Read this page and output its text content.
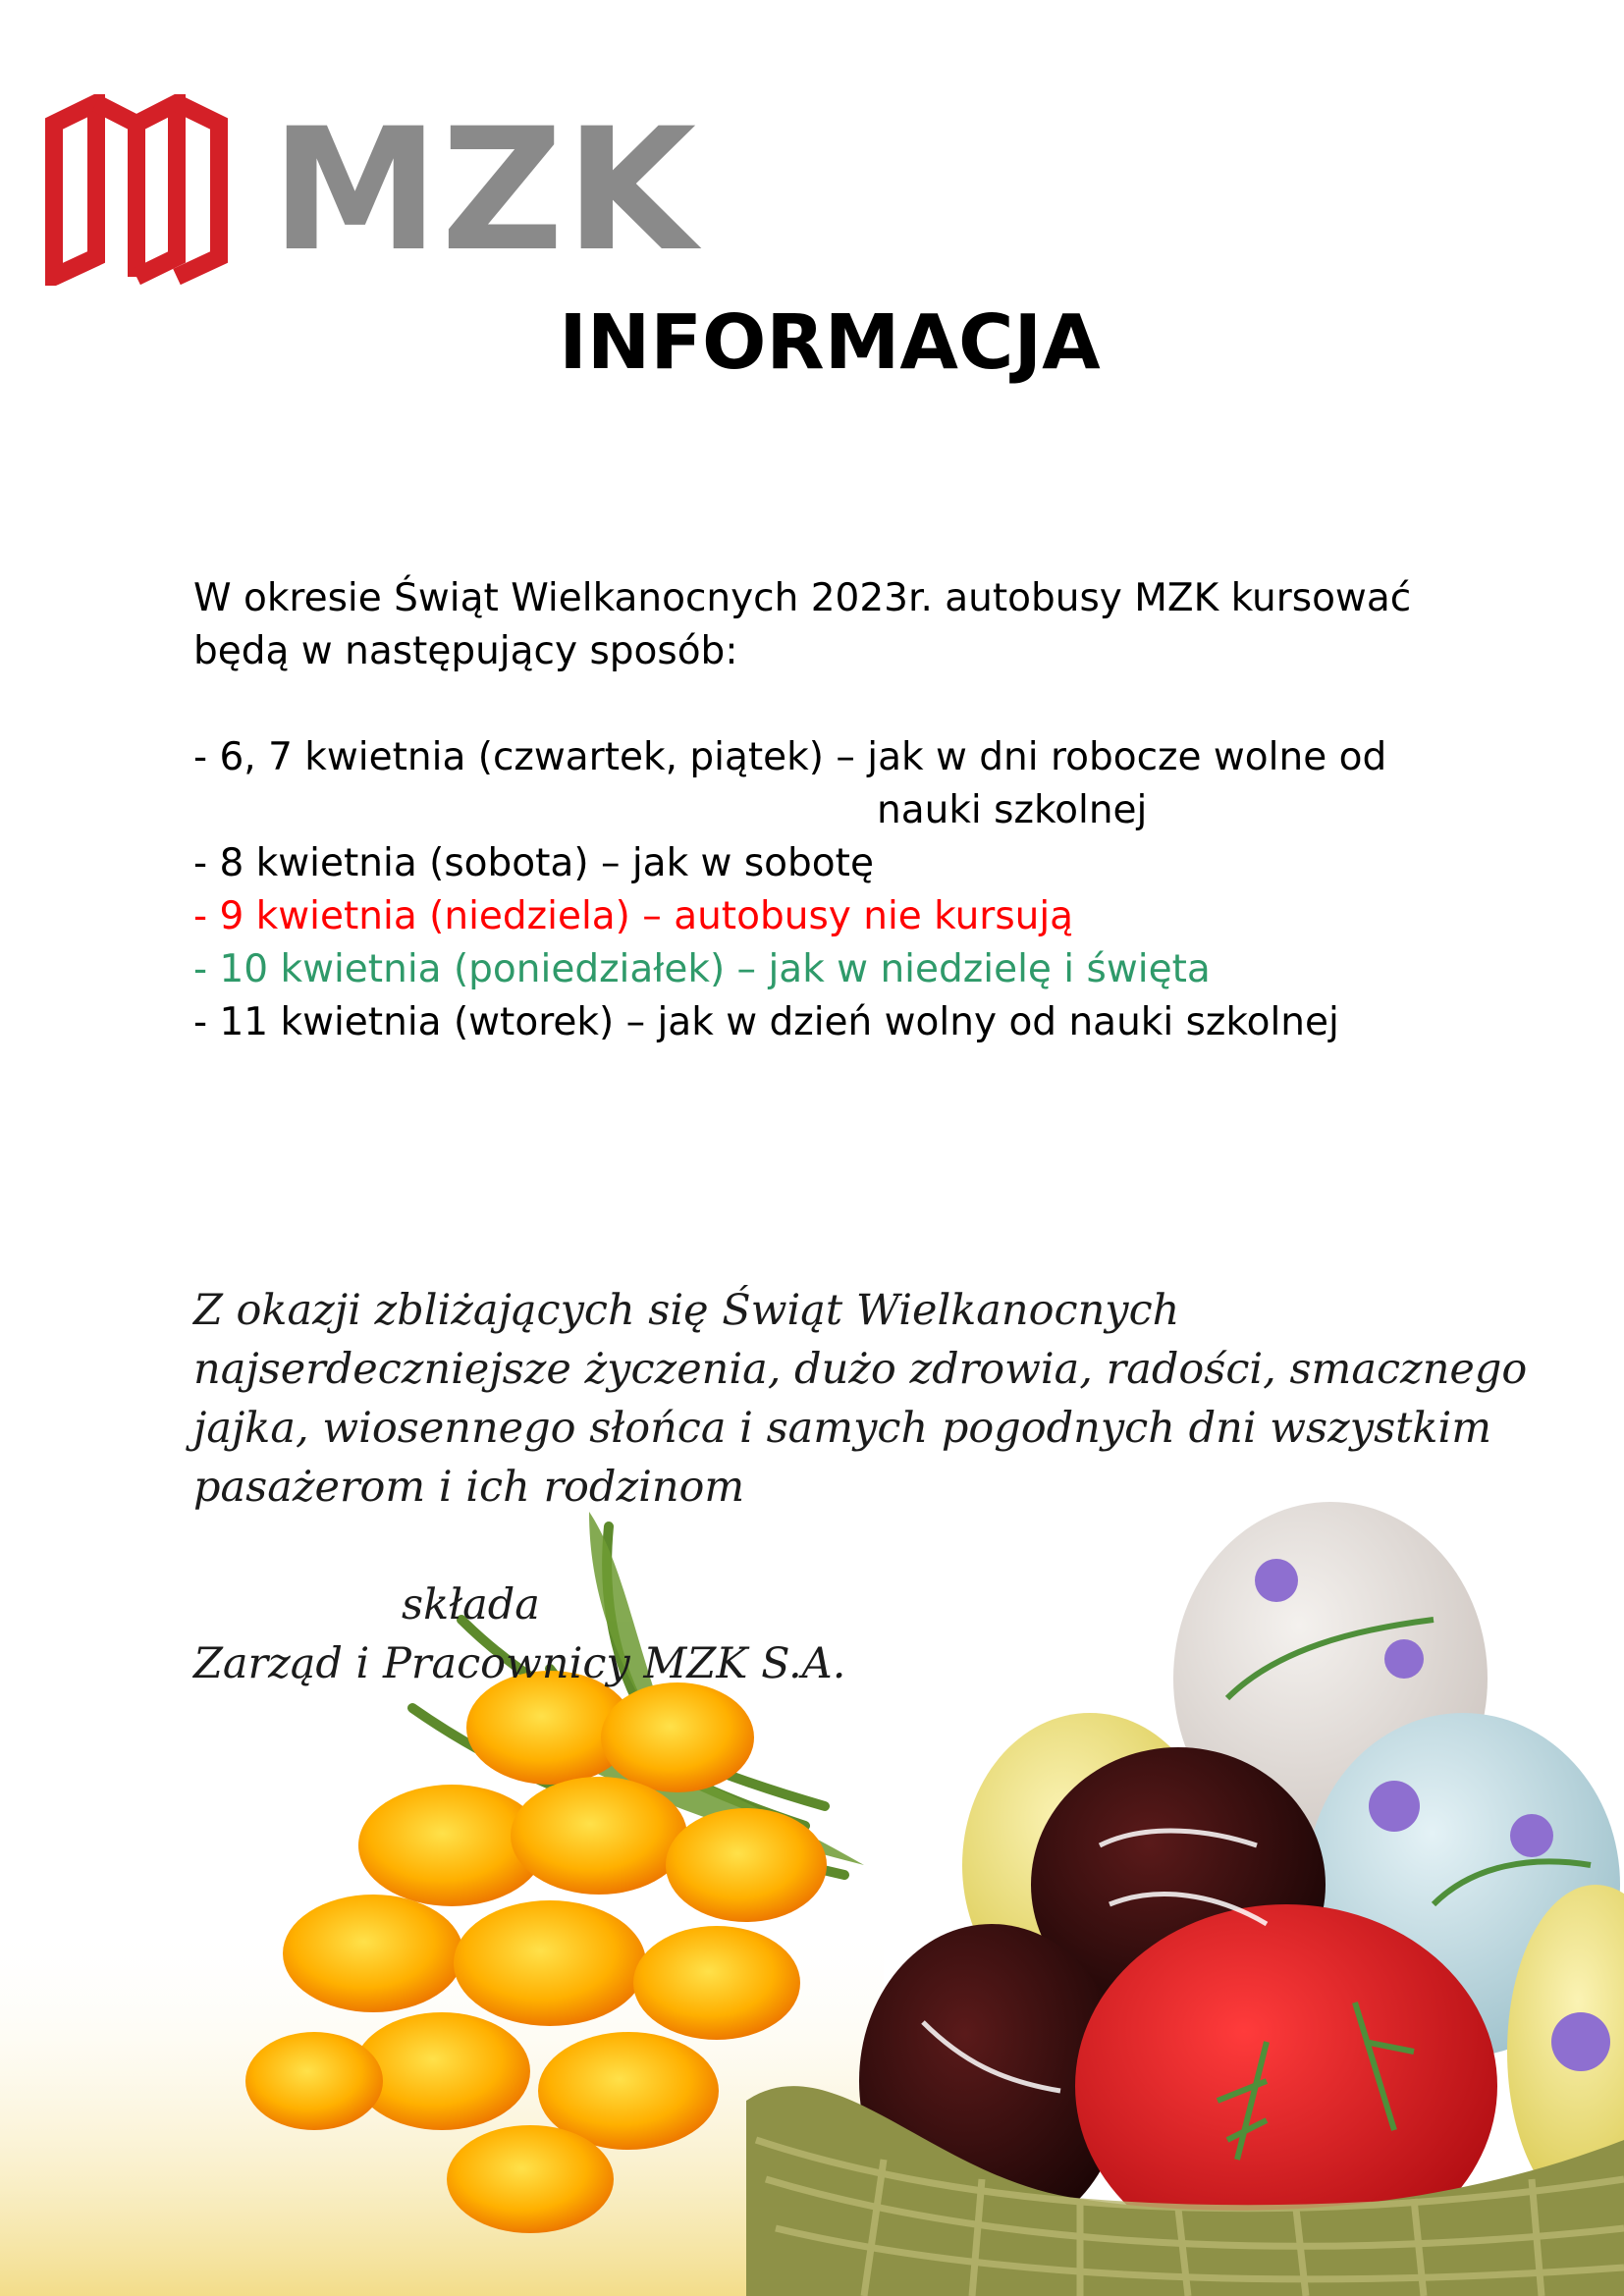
MZK
INFORMACJA

W okresie Świąt Wielkanocnych 2023r. autobusy MZK kursować

będą w następujący sposób:

- 6, 7 kwietnia (czwartek, piątek) – jak w dni robocze wolne od

nauki szkolnej

- 8 kwietnia (sobota) – jak w sobotę

- 9 kwietnia (niedziela) – autobusy nie kursują

- 10 kwietnia (poniedziałek) – jak w niedzielę i święta

- 11 kwietnia (wtorek) – jak w dzień wolny od nauki szkolnej

Z okazji zbliżających się Świąt Wielkanocnych

najserdeczniejsze życzenia, dużo zdrowia, radości, smacznego

jajka, wiosennego słońca i samych pogodnych dni wszystkim

pasażerom i ich rodzinom

składa

Zarząd i Pracownicy MZK S.A.
